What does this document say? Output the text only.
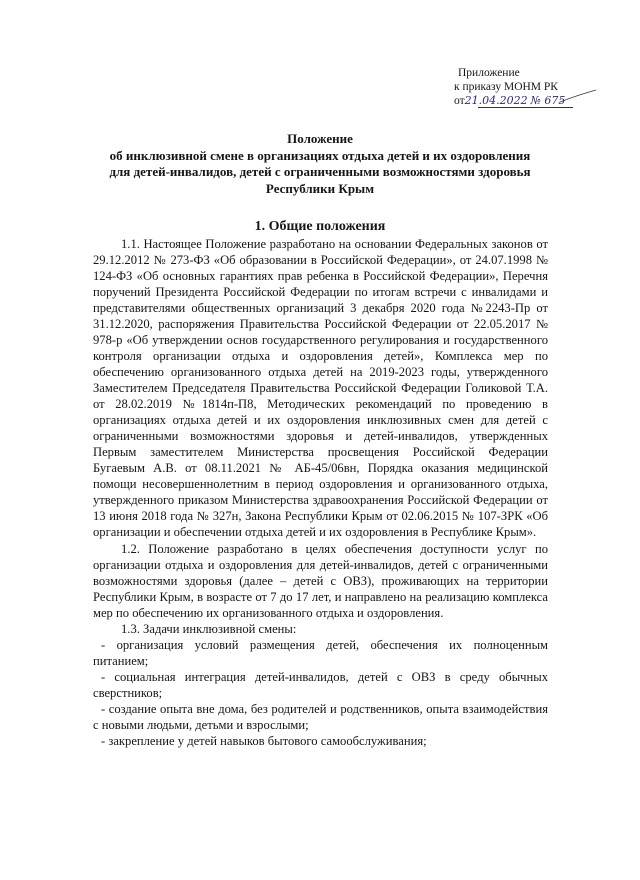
Приложение
к приказу МОНМ РК
от21.04.2022 № 675
Положение
об инклюзивной смене в организациях отдыха детей и их оздоровления
для детей-инвалидов, детей с ограниченными возможностями здоровья
Республики Крым
1. Общие положения

1.1. Настоящее Положение разработано на основании Федеральных законов от 29.12.2012 № 273-ФЗ «Об образовании в Российской Федерации», от 24.07.1998 № 124-ФЗ «Об основных гарантиях прав ребенка в Российской Федерации», Перечня поручений Президента Российской Федерации по итогам встречи с инвалидами и представителями общественных организаций 3 декабря 2020 года №2243-Пр от 31.12.2020, распоряжения Правительства Российской Федерации от 22.05.2017 № 978-р «Об утверждении основ государственного регулирования и государственного контроля организации отдыха и оздоровления детей», Комплекса мер по обеспечению организованного отдыха детей на 2019-2023 годы, утвержденного Заместителем Председателя Правительства Российской Федерации Голиковой Т.А. от 28.02.2019 №1814п-П8, Методических рекомендаций по проведению в организациях отдыха детей и их оздоровления инклюзивных смен для детей с ограниченными возможностями здоровья и детей-инвалидов, утвержденных Первым заместителем Министерства просвещения Российской Федерации Бугаевым А.В. от 08.11.2021 № АБ-45/06вн, Порядка оказания медицинской помощи несовершеннолетним в период оздоровления и организованного отдыха, утвержденного приказом Министерства здравоохранения Российской Федерации от 13 июня 2018 года № 327н, Закона Республики Крым от 02.06.2015 № 107-ЗРК «Об организации и обеспечении отдыха детей и их оздоровления в Республике Крым».

1.2. Положение разработано в целях обеспечения доступности услуг по организации отдыха и оздоровления для детей-инвалидов, детей с ограниченными возможностями здоровья (далее – детей с ОВЗ), проживающих на территории Республики Крым, в возрасте от 7 до 17 лет, и направлено на реализацию комплекса мер по обеспечению их организованного отдыха и оздоровления.

1.3. Задачи инклюзивной смены:

- организация условий размещения детей, обеспечения их полноценным питанием;

- социальная интеграция детей-инвалидов, детей с ОВЗ в среду обычных сверстников;

- создание опыта вне дома, без родителей и родственников, опыта взаимодействия с новыми людьми, детьми и взрослыми;

- закрепление у детей навыков бытового самообслуживания;
